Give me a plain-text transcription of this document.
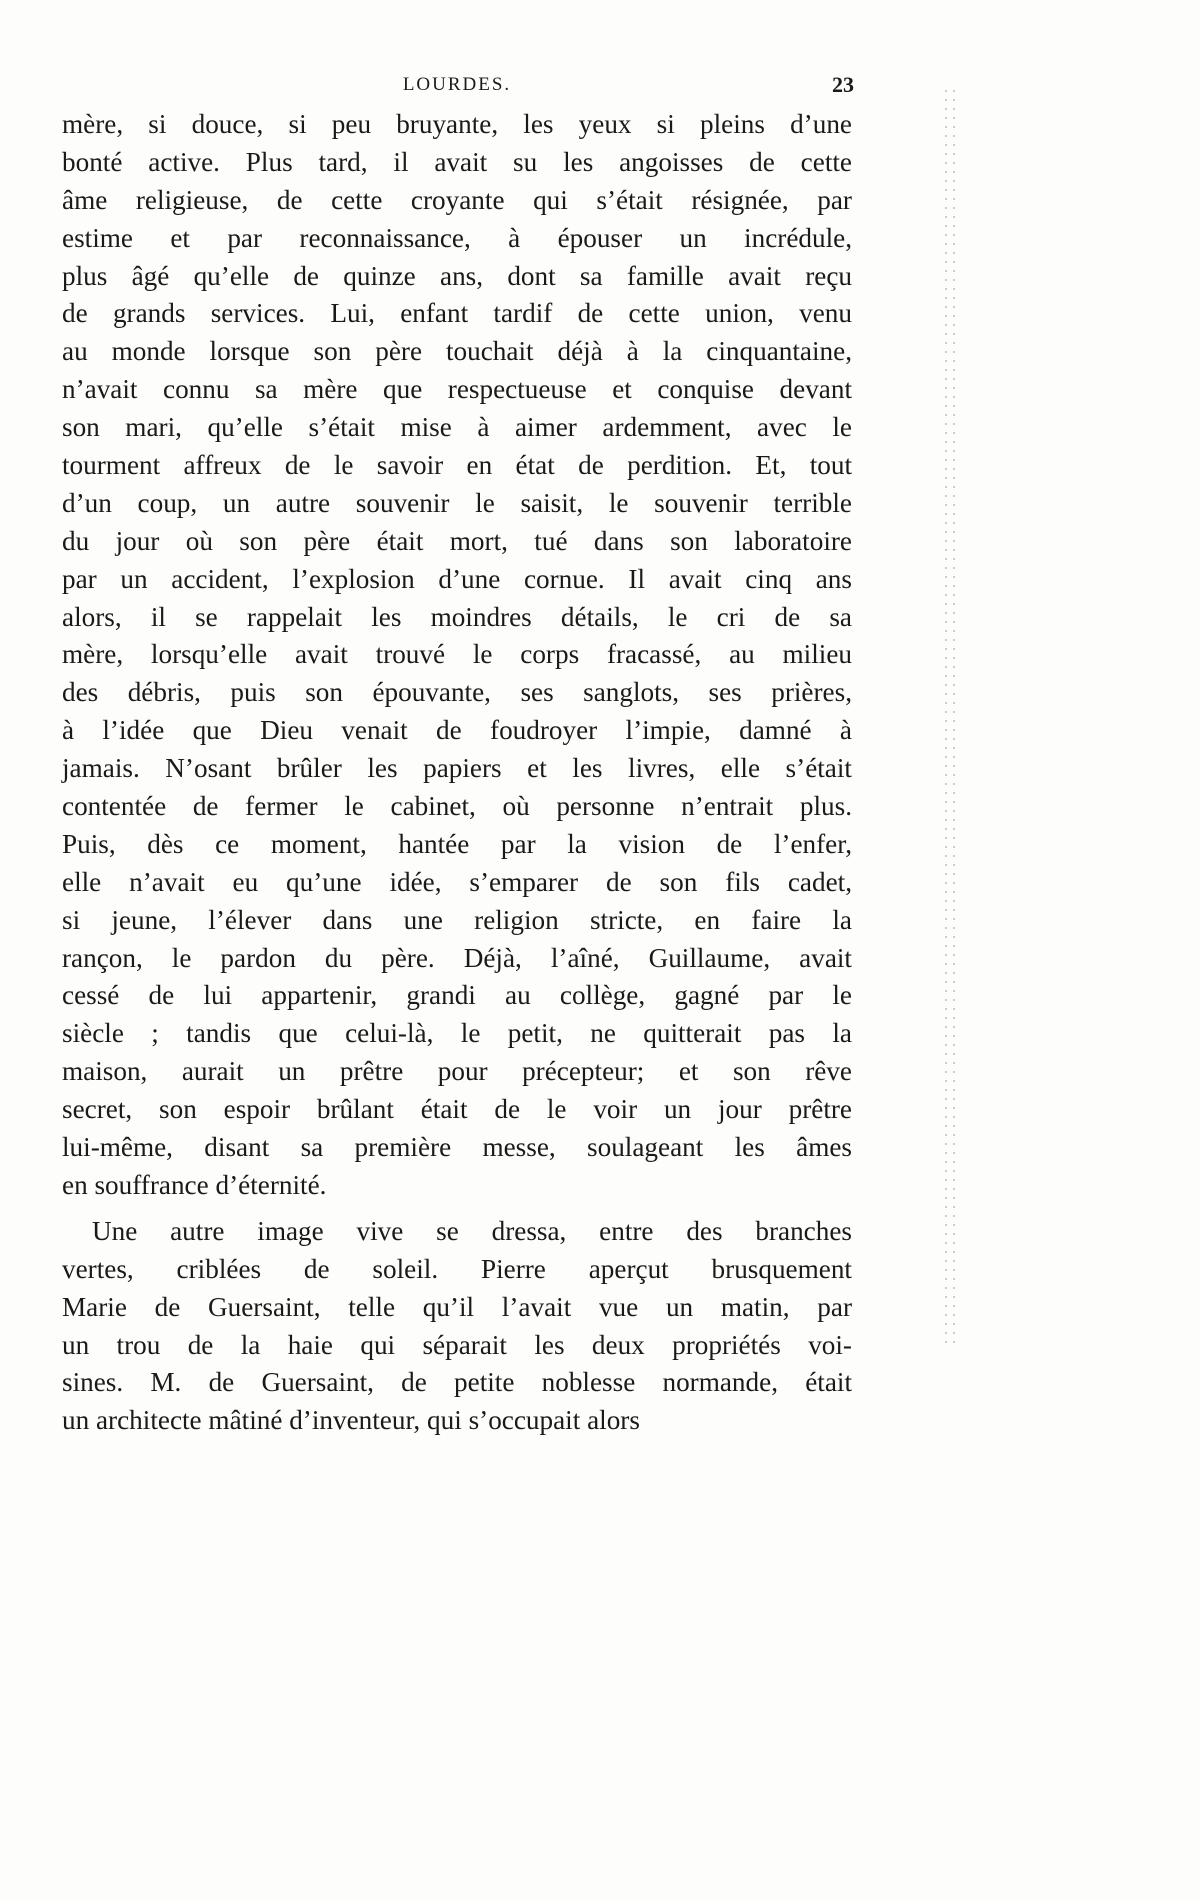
LOURDES.	23
mère, si douce, si peu bruyante, les yeux si pleins d’une
bonté active. Plus tard, il avait su les angoisses de cette
âme religieuse, de cette croyante qui s’était résignée, par
estime et par reconnaissance, à épouser un incrédule,
plus âgé qu’elle de quinze ans, dont sa famille avait reçu
de grands services. Lui, enfant tardif de cette union, venu
au monde lorsque son père touchait déjà à la cinquantaine,
n’avait connu sa mère que respectueuse et conquise devant
son mari, qu’elle s’était mise à aimer ardemment, avec le
tourment affreux de le savoir en état de perdition. Et, tout
d’un coup, un autre souvenir le saisit, le souvenir terrible
du jour où son père était mort, tué dans son laboratoire
par un accident, l’explosion d’une cornue. Il avait cinq ans
alors, il se rappelait les moindres détails, le cri de sa
mère, lorsqu’elle avait trouvé le corps fracassé, au milieu
des débris, puis son épouvante, ses sanglots, ses prières,
à l’idée que Dieu venait de foudroyer l’impie, damné à
jamais. N’osant brûler les papiers et les livres, elle s’était
contentée de fermer le cabinet, où personne n’entrait plus.
Puis, dès ce moment, hantée par la vision de l’enfer,
elle n’avait eu qu’une idée, s’emparer de son fils cadet,
si jeune, l’élever dans une religion stricte, en faire la
rançon, le pardon du père. Déjà, l’aîné, Guillaume, avait
cessé de lui appartenir, grandi au collège, gagné par le
siècle ; tandis que celui-là, le petit, ne quitterait pas la
maison, aurait un prêtre pour précepteur; et son rêve
secret, son espoir brûlant était de le voir un jour prêtre
lui-même, disant sa première messe, soulageant les âmes
en souffrance d’éternité.
Une autre image vive se dressa, entre des branches
vertes, criblées de soleil. Pierre aperçut brusquement
Marie de Guersaint, telle qu’il l’avait vue un matin, par
un trou de la haie qui séparait les deux propriétés voi-
sines. M. de Guersaint, de petite noblesse normande, était
un architecte mâtiné d’inventeur, qui s’occupait alors
